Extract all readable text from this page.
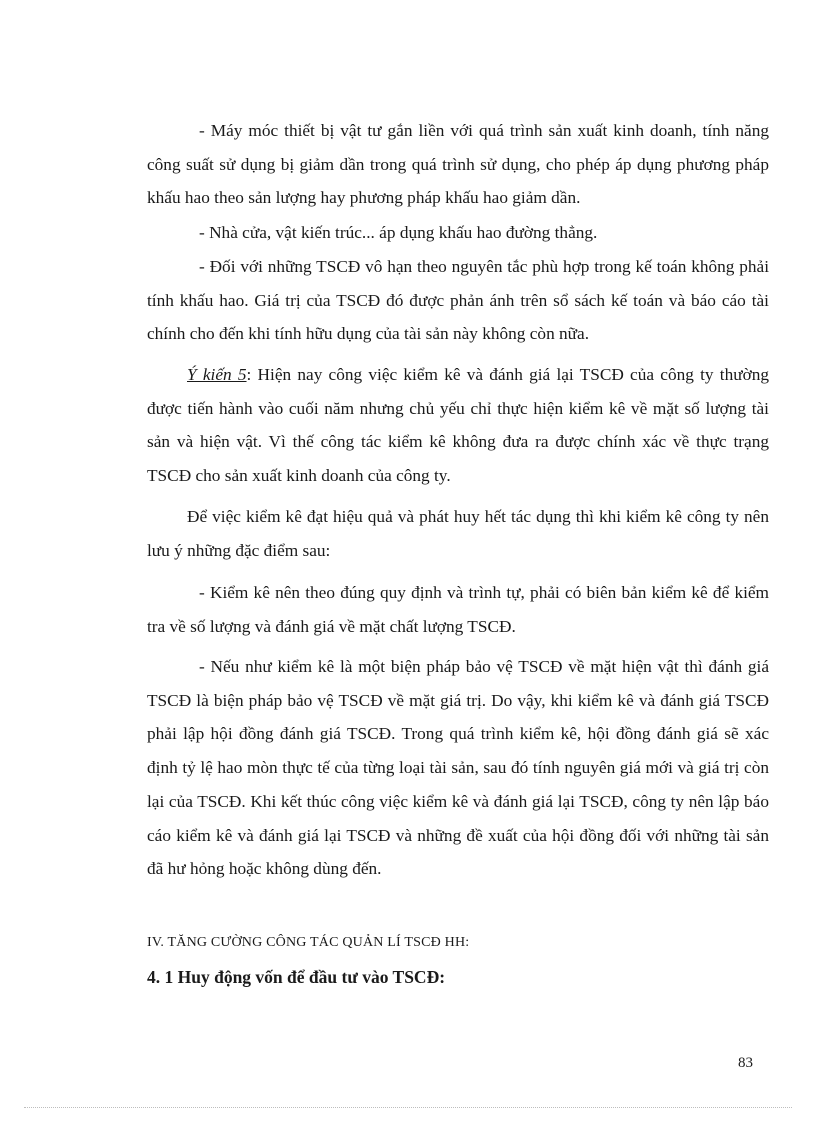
- Máy móc thiết bị vật tư gắn liền với quá trình sản xuất kinh doanh, tính năng công suất sử dụng bị giảm dần trong quá trình sử dụng, cho phép áp dụng phương pháp khấu hao theo sản lượng hay phương pháp khấu hao giảm dần.

- Nhà cửa, vật kiến trúc... áp dụng khấu hao đường thẳng.

- Đối với những TSCĐ vô hạn theo nguyên tắc phù hợp trong kế toán không phải tính khấu hao. Giá trị của TSCĐ đó được phản ánh trên sổ sách kế toán và báo cáo tài chính cho đến khi tính hữu dụng của tài sản này không còn nữa.

Ý kiến 5: Hiện nay công việc kiểm kê và đánh giá lại TSCĐ của công ty thường được tiến hành vào cuối năm nhưng chủ yếu chỉ thực hiện kiểm kê về mặt số lượng tài sản và hiện vật. Vì thế công tác kiểm kê không đưa ra được chính xác về thực trạng TSCĐ cho sản xuất kinh doanh của công ty.

Để việc kiểm kê đạt hiệu quả và phát huy hết tác dụng thì khi kiểm kê công ty nên lưu ý những đặc điểm sau:

- Kiểm kê nên theo đúng quy định và trình tự, phải có biên bản kiểm kê để kiểm tra về số lượng và đánh giá về mặt chất lượng TSCĐ.

- Nếu như kiểm kê là một biện pháp bảo vệ TSCĐ về mặt hiện vật thì đánh giá TSCĐ là biện pháp bảo vệ TSCĐ về mặt giá trị. Do vậy, khi kiểm kê và đánh giá TSCĐ phải lập hội đồng đánh giá TSCĐ. Trong quá trình kiểm kê, hội đồng đánh giá sẽ xác định tỷ lệ hao mòn thực tế của từng loại tài sản, sau đó tính nguyên giá mới và giá trị còn lại của TSCĐ. Khi kết thúc công việc kiểm kê và đánh giá lại TSCĐ, công ty nên lập báo cáo kiểm kê và đánh giá lại TSCĐ và những đề xuất của hội đồng đối với những tài sản đã hư hỏng hoặc không dùng đến.

IV. TĂNG CƯỜNG CÔNG TÁC QUẢN LÍ TSCĐ HH:

4. 1 Huy động vốn để đầu tư vào TSCĐ:

83
